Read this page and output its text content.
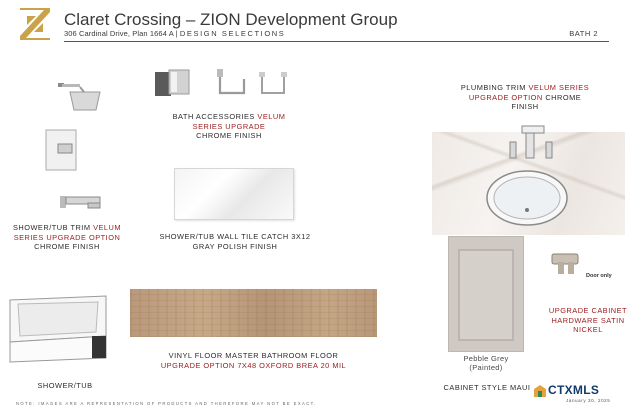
Claret Crossing – ZION Development Group
306 Cardinal Drive, Plan 1664 A | DESIGN SELECTIONS	BATH 2
BATH ACCESSORIES VELUM
SERIES UPGRADE
CHROME FINISH
PLUMBING TRIM VELUM SERIES
UPGRADE OPTION CHROME
FINISH
SHOWER/TUB TRIM VELUM
SERIES UPGRADE OPTION
CHROME FINISH
SHOWER/TUB WALL TILE CATCH 3X12
GRAY POLISH FINISH
SHOWER/TUB
VINYL FLOOR MASTER BATHROOM FLOOR
UPGRADE OPTION 7X48 OXFORD BREA 20 MIL
Pebble Grey
(Painted)
CABINET STYLE MAUI
Door only
UPGRADE CABINET
HARDWARE SATIN
NICKEL
NOTE: IMAGES ARE A REPRESENTATION OF PRODUCTS AND THEREFORE MAY NOT BE EXACT.
CTXMLS
January 30, 2025
